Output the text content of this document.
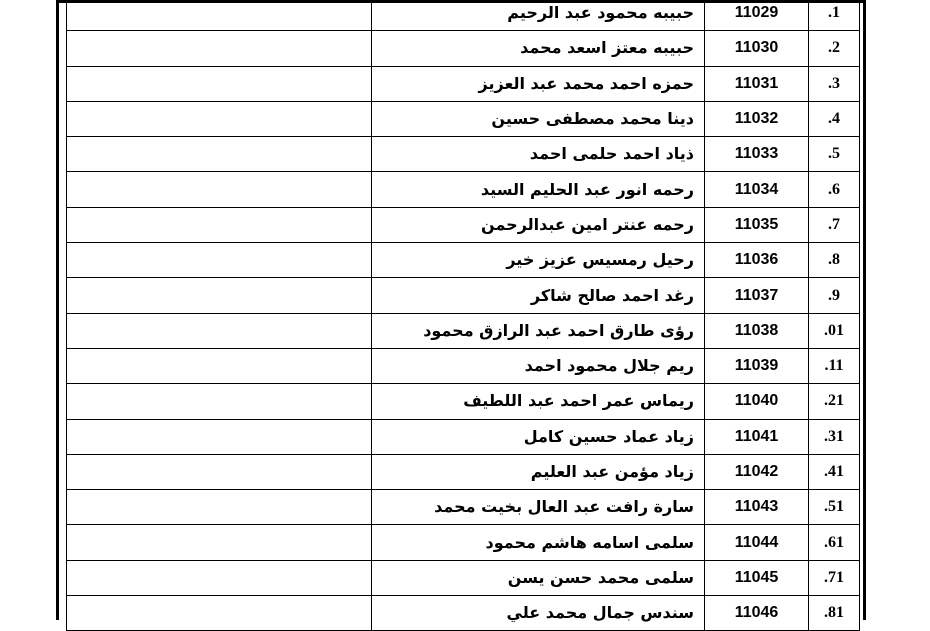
	حبيبه محمود عبد الرحيم	11029	1.
	حبيبه معتز اسعد محمد	11030	2.
	حمزه احمد محمد عبد العزيز	11031	3.
	دينا محمد مصطفى حسين	11032	4.
	ذياد احمد حلمى احمد	11033	5.
	رحمه انور عبد الحليم السيد	11034	6.
	رحمه عنتر امين عبدالرحمن	11035	7.
	رحيل رمسيس عزيز خير	11036	8.
	رغد احمد صالح شاكر	11037	9.
	رؤى طارق احمد عبد الرازق محمود	11038	10.
	ريم جلال محمود احمد	11039	11.
	ريماس عمر احمد عبد اللطيف	11040	12.
	زياد عماد حسين كامل	11041	13.
	زياد مؤمن عبد العليم	11042	14.
	سارة رافت عبد العال بخيت محمد	11043	15.
	سلمى اسامه هاشم محمود	11044	16.
	سلمى محمد حسن يسن	11045	17.
	سندس جمال محمد علي	11046	18.
